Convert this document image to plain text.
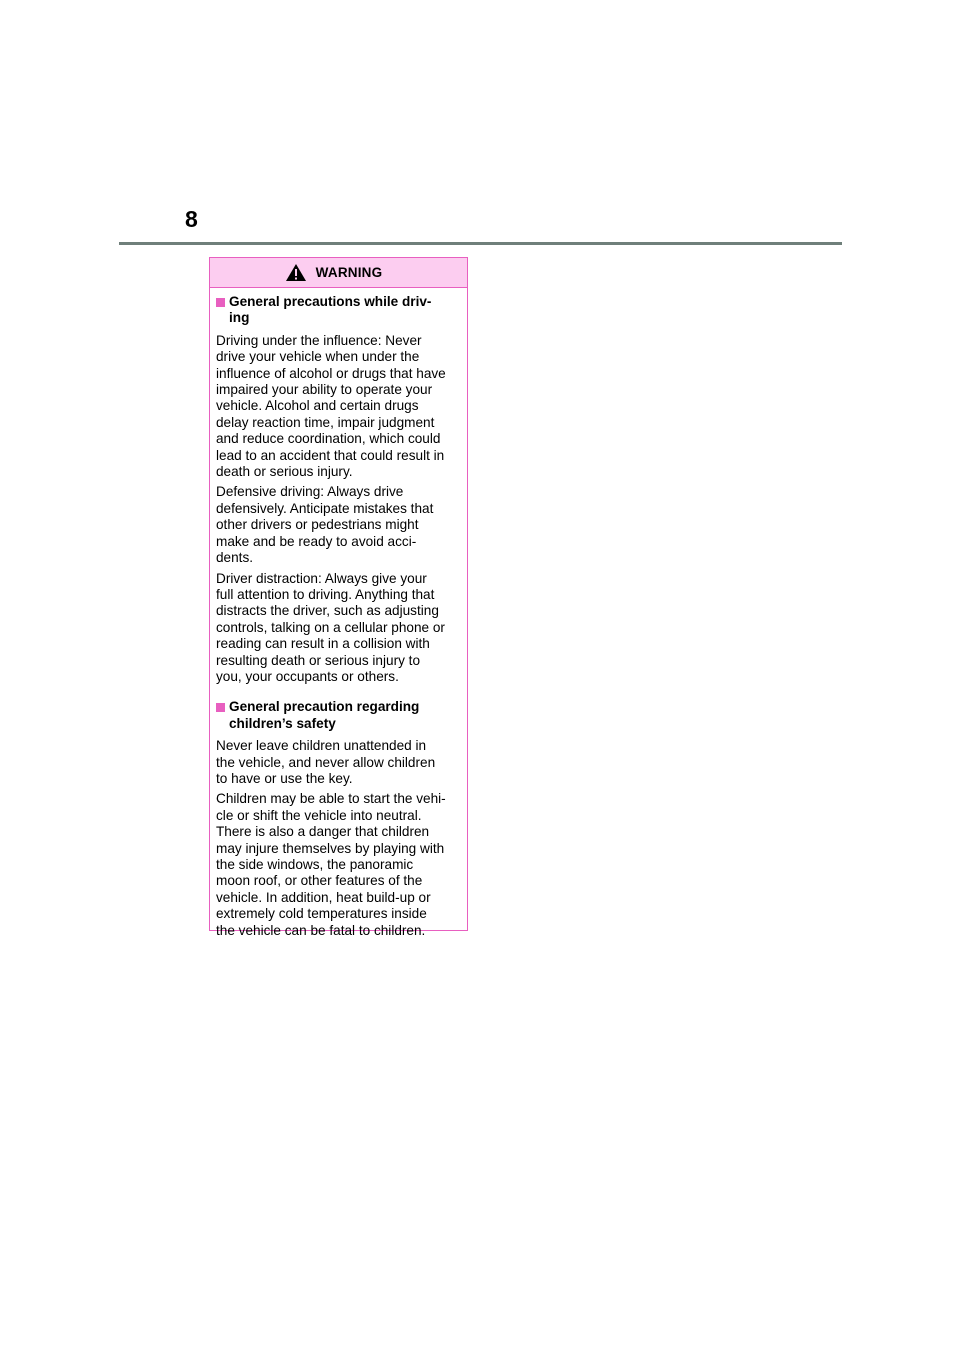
8
WARNING
General precautions while driv-
ing

Driving under the influence: Never
drive your vehicle when under the
influence of alcohol or drugs that have
impaired your ability to operate your
vehicle. Alcohol and certain drugs
delay reaction time, impair judgment
and reduce coordination, which could
lead to an accident that could result in
death or serious injury.

Defensive driving: Always drive
defensively. Anticipate mistakes that
other drivers or pedestrians might
make and be ready to avoid acci-
dents.

Driver distraction: Always give your
full attention to driving. Anything that
distracts the driver, such as adjusting
controls, talking on a cellular phone or
reading can result in a collision with
resulting death or serious injury to
you, your occupants or others.

General precaution regarding
children’s safety

Never leave children unattended in
the vehicle, and never allow children
to have or use the key.

Children may be able to start the vehi-
cle or shift the vehicle into neutral.
There is also a danger that children
may injure themselves by playing with
the side windows, the panoramic
moon roof, or other features of the
vehicle. In addition, heat build-up or
extremely cold temperatures inside
the vehicle can be fatal to children.
